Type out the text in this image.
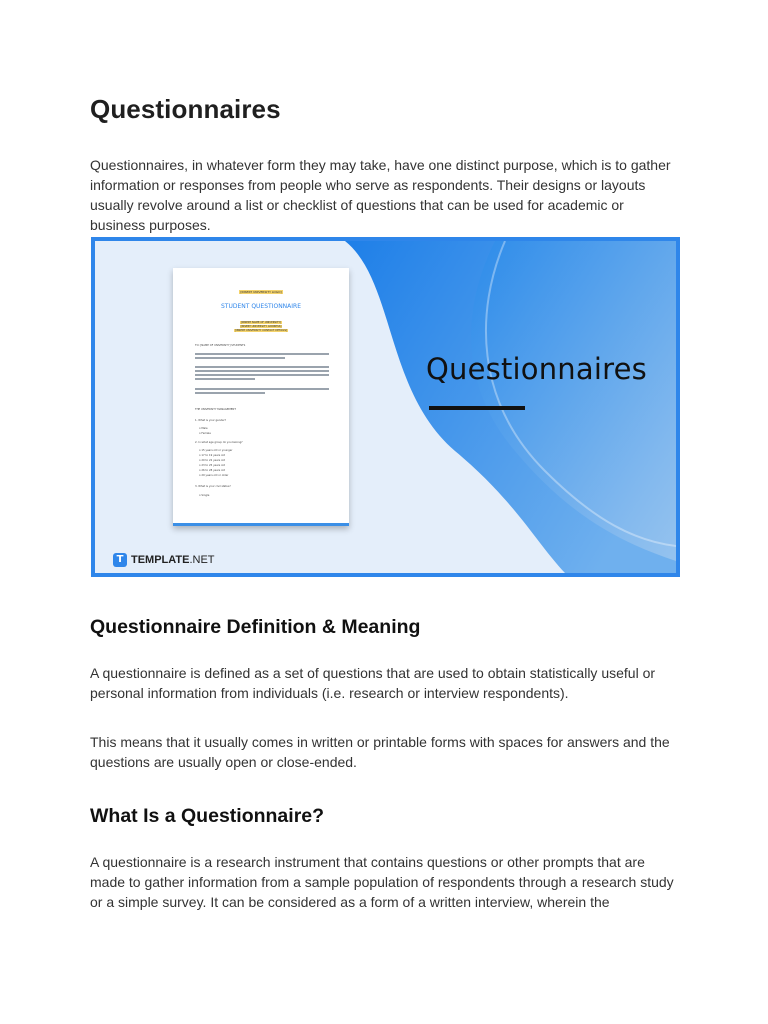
Questionnaires

Questionnaires, in whatever form they may take, have one distinct purpose, which is to gather information or responses from people who serve as respondents. Their designs or layouts usually revolve around a list or checklist of questions that can be used for academic or business purposes.

[INSERT UNIVERSITY LOGO]
STUDENT QUESTIONNAIRE
[INSERT NAME OF UNIVERSITY]
[INSERT UNIVERSITY ADDRESS]
[INSERT UNIVERSITY CONTACT DETAILS]
TO: [NAME OF UNIVERSITY] STUDENTS
THE UNIVERSITY MANAGEMENT
1. What is your gender?
o Male
o Female
2. In what age group do you belong?
o 15 years old or younger
o 17 to 19 years old
o 20 to 22 years old
o 23 to 25 years old
o 26 to 28 years old
o 29 years old or older
3. What is your civil status?
o Single
Questionnaires
T TEMPLATE.NET
Questionnaire Definition & Meaning

A questionnaire is defined as a set of questions that are used to obtain statistically useful or personal information from individuals (i.e. research or interview respondents).

This means that it usually comes in written or printable forms with spaces for answers and the questions are usually open or close-ended.

What Is a Questionnaire?

A questionnaire is a research instrument that contains questions or other prompts that are made to gather information from a sample population of respondents through a research study or a simple survey. It can be considered as a form of a written interview, wherein the
